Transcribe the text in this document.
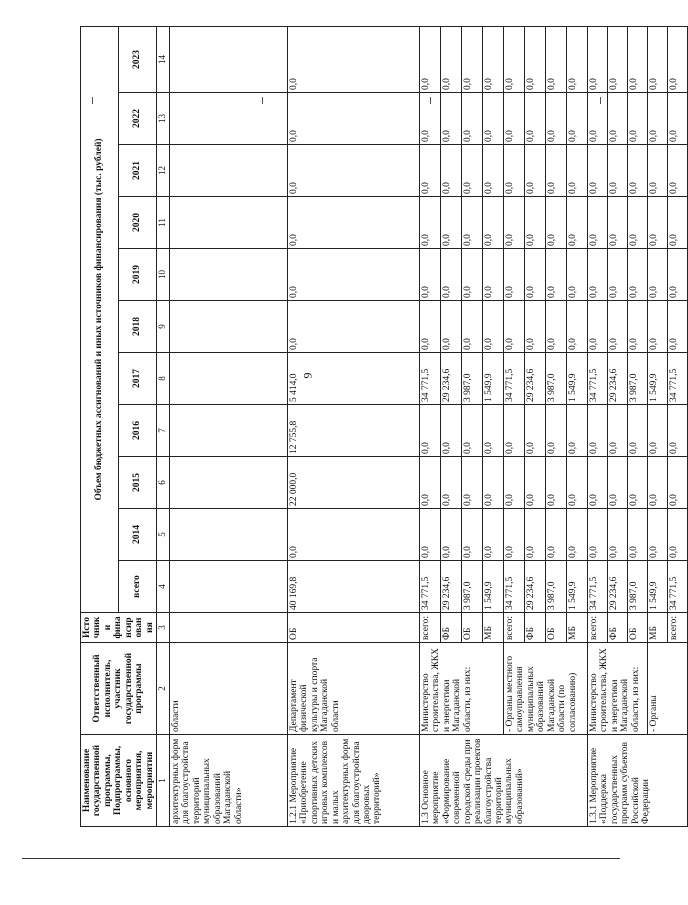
9
Наименование государственной программы, Подпрограммы, основного мероприятия, мероприятия	Ответственный исполнитель, участник государственной программы	Источники финансирования	Объем бюджетных ассигнований и иных источников финансирования (тыс. рублей)										
			всего	2014	2015	2016	2017	2018	2019	2020	2021	2022	2023
1	2	3	4	5	6	7	8	9	10	11	12	13	14
архитектурных форм для благоустройства территорий муниципальных образований Магаданской области»	области												
1.2.1 Мероприятие «Приобретение спортивных детских игровых комплексов и малых архитектурных форм для благоустройства дворовых территорий»	Департамент физической культуры и спорта Магаданской области	ОБ	40 169,8	0,0	22 000,0	12 755,8	5 414,0	0,0	0,0	0,0	0,0	0,0	0,0
1.3 Основное мероприятие «Формирование современной городской среды при реализации проектов благоустройства территорий муниципальных образований»	Министерство строительства, ЖКХ и энергетики Магаданской области, из них:	всего:	34 771,5	0,0	0,0	0,0	34 771,5	0,0	0,0	0,0	0,0	0,0	0,0
		ФБ	29 234,6	0,0	0,0	0,0	29 234,6	0,0	0,0	0,0	0,0	0,0	0,0
		ОБ	3 987,0	0,0	0,0	0,0	3 987,0	0,0	0,0	0,0	0,0	0,0	0,0
		МБ	1 549,9	0,0	0,0	0,0	1 549,9	0,0	0,0	0,0	0,0	0,0	0,0
	- Органы местного самоуправления муниципальных образований Магаданской области (по согласованию)	всего:	34 771,5	0,0	0,0	0,0	34 771,5	0,0	0,0	0,0	0,0	0,0	0,0
		ФБ	29 234,6	0,0	0,0	0,0	29 234,6	0,0	0,0	0,0	0,0	0,0	0,0
		ОБ	3 987,0	0,0	0,0	0,0	3 987,0	0,0	0,0	0,0	0,0	0,0	0,0
		МБ	1 549,9	0,0	0,0	0,0	1 549,9	0,0	0,0	0,0	0,0	0,0	0,0
1.3.1 Мероприятие «Поддержка государственных программ субъектов Российской Федерации	Министерство строительства, ЖКХ и энергетики Магаданской области, из них:	всего:	34 771,5	0,0	0,0	0,0	34 771,5	0,0	0,0	0,0	0,0	0,0	0,0
		ФБ	29 234,6	0,0	0,0	0,0	29 234,6	0,0	0,0	0,0	0,0	0,0	0,0
		ОБ	3 987,0	0,0	0,0	0,0	3 987,0	0,0	0,0	0,0	0,0	0,0	0,0
	- Органы	МБ	1 549,9	0,0	0,0	0,0	1 549,9	0,0	0,0	0,0	0,0	0,0	0,0
		всего:	34 771,5	0,0	0,0	0,0	34 771,5	0,0	0,0	0,0	0,0	0,0	0,0
